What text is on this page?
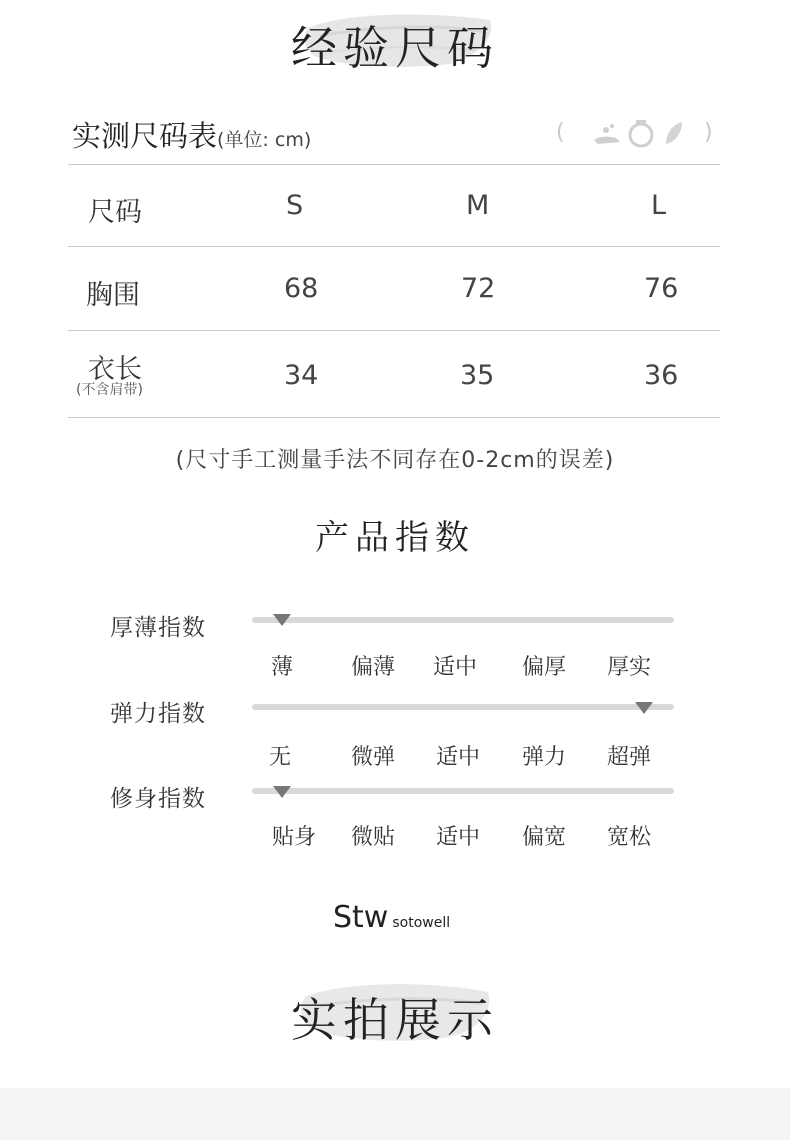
经验尺码
实测尺码表(单位: cm)	(	)
尺码	S	M	L
胸围	68	72	76
衣长
(不含肩带)	34	35	36
(尺寸手工测量手法不同存在0-2cm的误差)
产品指数
厚薄指数
薄	偏薄	适中	偏厚	厚实
弹力指数
无	微弹	适中	弹力	超弹
修身指数
贴身	微贴	适中	偏宽	宽松
Stw sotowell
实拍展示
